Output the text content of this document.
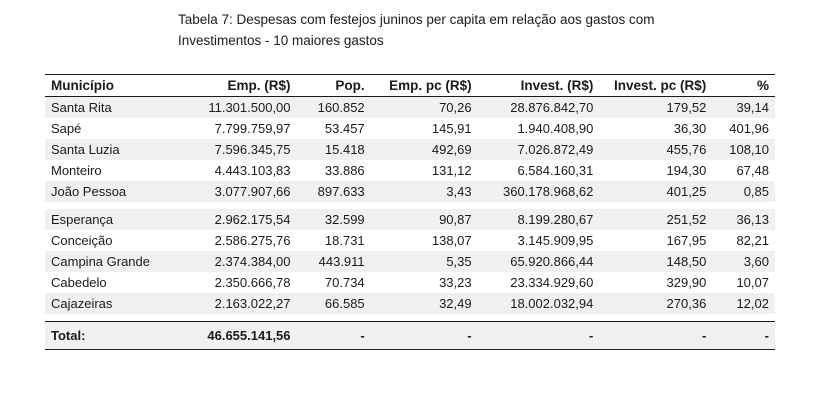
Tabela 7: Despesas com festejos juninos per capita em relação aos gastos com Investimentos - 10 maiores gastos
Município	Emp. (R$)	Pop.	Emp. pc (R$)	Invest. (R$)	Invest. pc (R$)	%
Santa Rita	11.301.500,00	160.852	70,26	28.876.842,70	179,52	39,14
Sapé	7.799.759,97	53.457	145,91	1.940.408,90	36,30	401,96
Santa Luzia	7.596.345,75	15.418	492,69	7.026.872,49	455,76	108,10
Monteiro	4.443.103,83	33.886	131,12	6.584.160,31	194,30	67,48
João Pessoa	3.077.907,66	897.633	3,43	360.178.968,62	401,25	0,85

Esperança	2.962.175,54	32.599	90,87	8.199.280,67	251,52	36,13
Conceição	2.586.275,76	18.731	138,07	3.145.909,95	167,95	82,21
Campina Grande	2.374.384,00	443.911	5,35	65.920.866,44	148,50	3,60
Cabedelo	2.350.666,78	70.734	33,23	23.334.929,60	329,90	10,07
Cajazeiras	2.163.022,27	66.585	32,49	18.002.032,94	270,36	12,02

Total:	46.655.141,56	-	-	-	-	-
